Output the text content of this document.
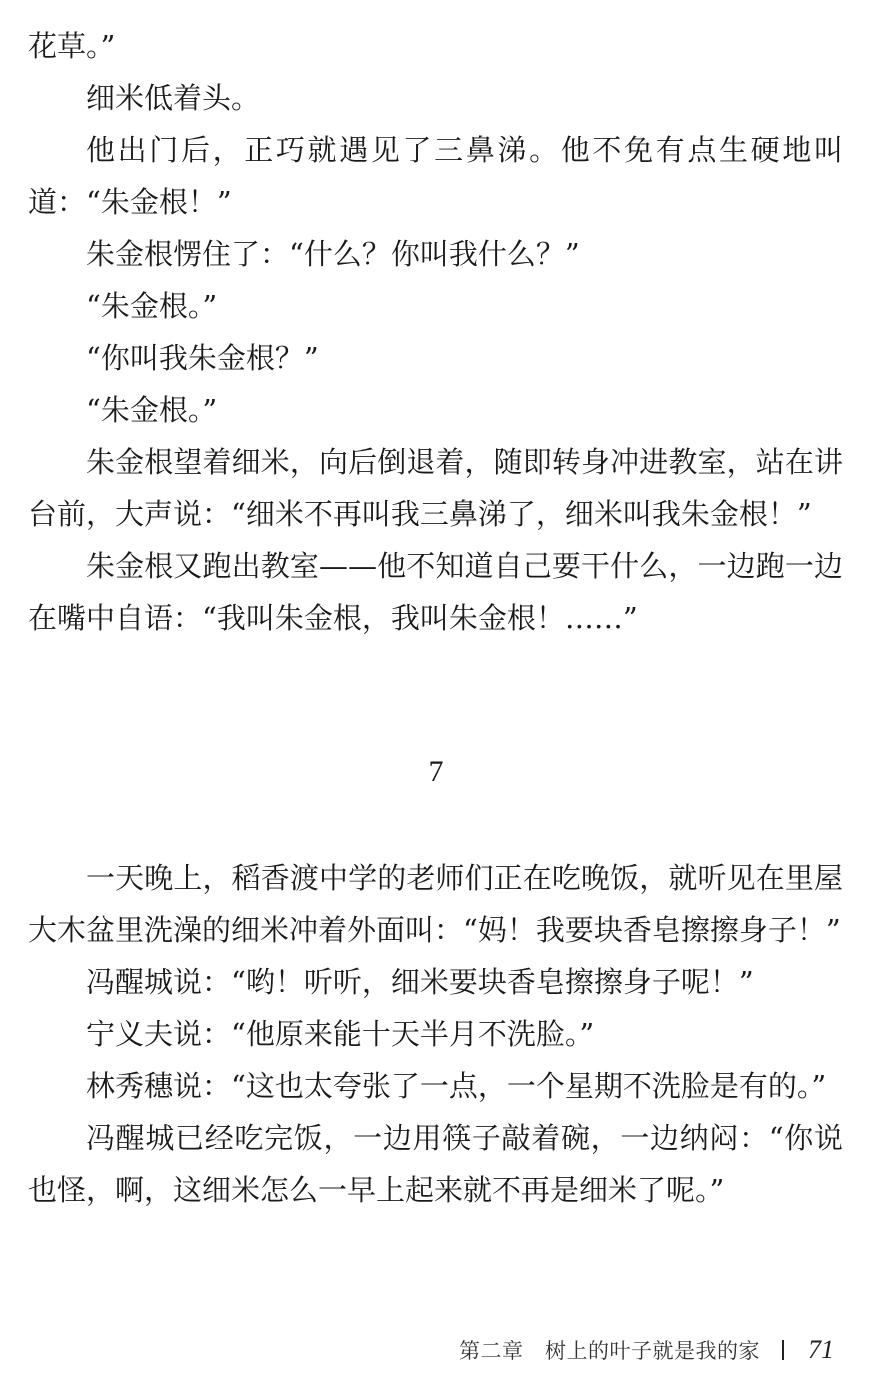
花草。”

细米低着头。

他出门后，正巧就遇见了三鼻涕。他不免有点生硬地叫道：“朱金根！”

朱金根愣住了：“什么？你叫我什么？”

“朱金根。”

“你叫我朱金根？”

“朱金根。”

朱金根望着细米，向后倒退着，随即转身冲进教室，站在讲台前，大声说：“细米不再叫我三鼻涕了，细米叫我朱金根！”

朱金根又跑出教室——他不知道自己要干什么，一边跑一边在嘴中自语：“我叫朱金根，我叫朱金根！……”

7

一天晚上，稻香渡中学的老师们正在吃晚饭，就听见在里屋大木盆里洗澡的细米冲着外面叫：“妈！我要块香皂擦擦身子！”

冯醒城说：“哟！听听，细米要块香皂擦擦身子呢！”

宁义夫说：“他原来能十天半月不洗脸。”

林秀穗说：“这也太夸张了一点，一个星期不洗脸是有的。”

冯醒城已经吃完饭，一边用筷子敲着碗，一边纳闷：“你说也怪，啊，这细米怎么一早上起来就不再是细米了呢。”

第二章　树上的叶子就是我的家 71
